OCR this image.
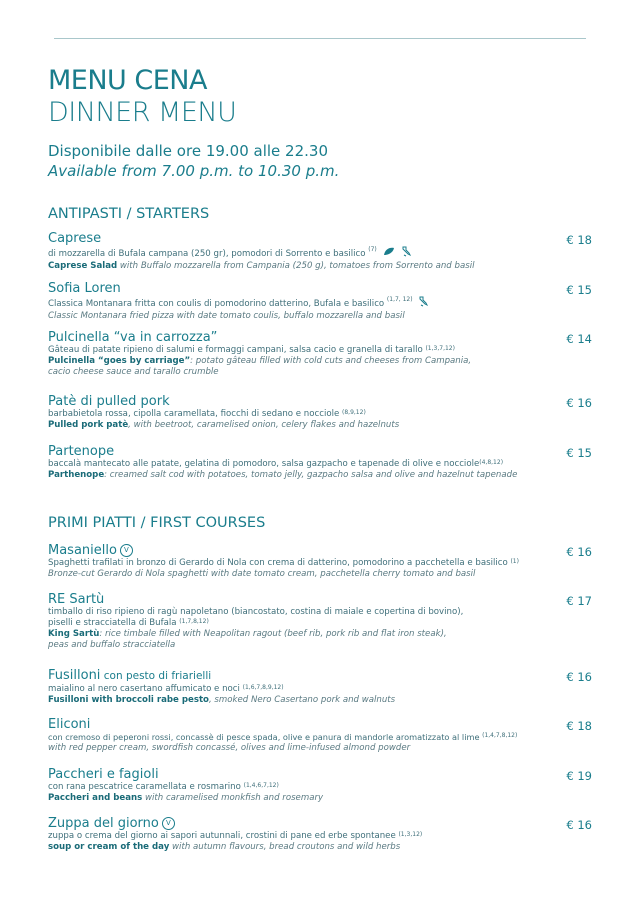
MENU CENA
DINNER MENU
Disponibile dalle ore 19.00 alle 22.30
Available from 7.00 p.m. to 10.30 p.m.
ANTIPASTI / STARTERS
Caprese
di mozzarella di Bufala campana (250 gr), pomodori di Sorrento e basilico $^{(7)}$
Caprese Salad with Buffalo mozzarella from Campania (250 g), tomatoes from Sorrento and basil
€ 18
Sofia Loren
Classica Montanara fritta con coulis di pomodorino datterino, Bufala e basilico $^{(1,7, 12)}$
Classic Montanara fried pizza with date tomato coulis, buffalo mozzarella and basil
€ 15
Pulcinella “va in carrozza”
Gâteau di patate ripieno di salumi e formaggi campani, salsa cacio e granella di tarallo $^{(1,3,7,12)}$
Pulcinella “goes by carriage”: potato gâteau filled with cold cuts and cheeses from Campania,
cacio cheese sauce and tarallo crumble
€ 14
Patè di pulled pork
barbabietola rossa, cipolla caramellata, fiocchi di sedano e nocciole $^{(8,9,12)}$
Pulled pork patè, with beetroot, caramelised onion, celery flakes and hazelnuts
€ 16
Partenope
baccalà mantecato alle patate, gelatina di pomodoro, salsa gazpacho e tapenade di olive e nocciole$^{(4,8,12)}$
Parthenope: creamed salt cod with potatoes, tomato jelly, gazpacho salsa and olive and hazelnut tapenade
€ 15
PRIMI PIATTI / FIRST COURSES
Masaniello V
Spaghetti trafilati in bronzo di Gerardo di Nola con crema di datterino, pomodorino a pacchetella e basilico $^{(1)}$
Bronze-cut Gerardo di Nola spaghetti with date tomato cream, pacchetella cherry tomato and basil
€ 16
RE Sartù
timballo di riso ripieno di ragù napoletano (biancostato, costina di maiale e copertina di bovino),
piselli e stracciatella di Bufala $^{(1,7,8,12)}$
King Sartù: rice timbale filled with Neapolitan ragout (beef rib, pork rib and flat iron steak),
peas and buffalo stracciatella
€ 17
Fusilloni con pesto di friarielli
maialino al nero casertano affumicato e noci $^{(1,6,7,8,9,12)}$
Fusilloni with broccoli rabe pesto, smoked Nero Casertano pork and walnuts
€ 16
Eliconi
con cremoso di peperoni rossi, concassè di pesce spada, olive e panura di mandorle aromatizzato al lime $^{(1,4,7,8,12)}$
with red pepper cream, swordfish concassé, olives and lime-infused almond powder
€ 18
Paccheri e fagioli
con rana pescatrice caramellata e rosmarino $^{(1,4,6,7,12)}$
Paccheri and beans with caramelised monkfish and rosemary
€ 19
Zuppa del giorno V
zuppa o crema del giorno ai sapori autunnali, crostini di pane ed erbe spontanee $^{(1,3,12)}$
soup or cream of the day with autumn flavours, bread croutons and wild herbs
€ 16
